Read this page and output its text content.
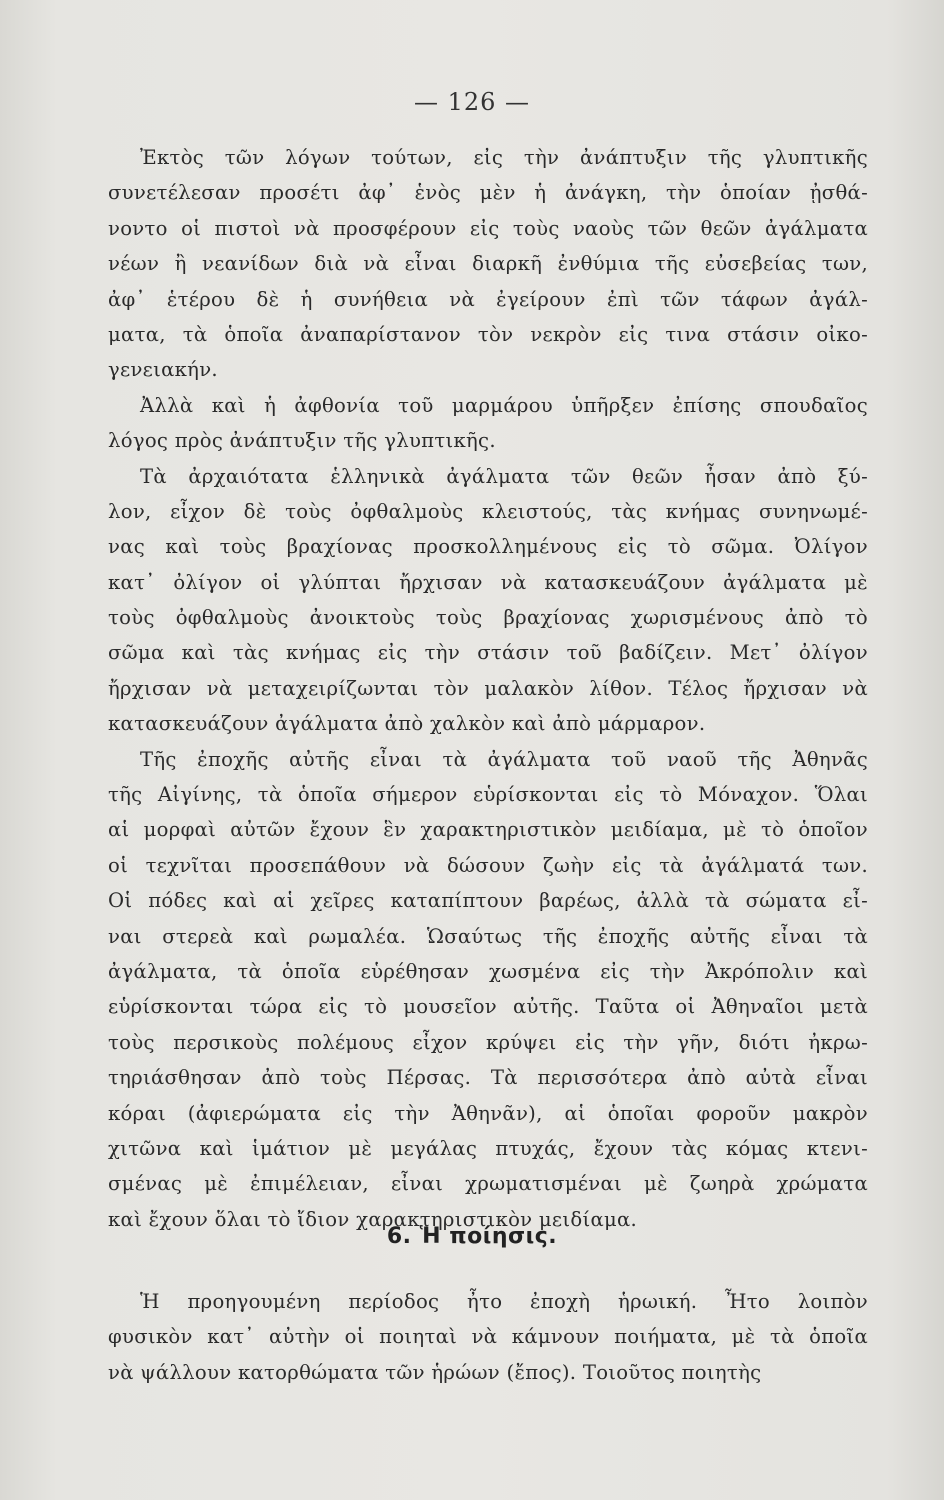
— 126 —
Ἐκτὸς τῶν λόγων τούτων, εἰς τὴν ἀνάπτυξιν τῆς γλυπτικῆς
συνετέλεσαν προσέτι ἀφ᾽ ἑνὸς μὲν ἡ ἀνάγκη, τὴν ὁποίαν ᾐσθά-
νοντο οἱ πιστοὶ νὰ προσφέρουν εἰς τοὺς ναοὺς τῶν θεῶν ἀγάλματα
νέων ἢ νεανίδων διὰ νὰ εἶναι διαρκῆ ἐνθύμια τῆς εὐσεβείας των,
ἀφ᾽ ἑτέρου δὲ ἡ συνήθεια νὰ ἐγείρουν ἐπὶ τῶν τάφων ἀγάλ-
ματα, τὰ ὁποῖα ἀναπαρίστανον τὸν νεκρὸν εἰς τινα στάσιν οἰκο-
γενειακήν.
Ἀλλὰ καὶ ἡ ἀφθονία τοῦ μαρμάρου ὑπῆρξεν ἐπίσης σπουδαῖος
λόγος πρὸς ἀνάπτυξιν τῆς γλυπτικῆς.
Τὰ ἀρχαιότατα ἑλληνικὰ ἀγάλματα τῶν θεῶν ἦσαν ἀπὸ ξύ-
λον, εἶχον δὲ τοὺς ὀφθαλμοὺς κλειστούς, τὰς κνήμας συνηνωμέ-
νας καὶ τοὺς βραχίονας προσκολλημένους εἰς τὸ σῶμα. Ὀλίγον
κατ᾽ ὀλίγον οἱ γλύπται ἤρχισαν νὰ κατασκευάζουν ἀγάλματα μὲ
τοὺς ὀφθαλμοὺς ἀνοικτοὺς τοὺς βραχίονας χωρισμένους ἀπὸ τὸ
σῶμα καὶ τὰς κνήμας εἰς τὴν στάσιν τοῦ βαδίζειν. Μετ᾽ ὀλίγον
ἤρχισαν νὰ μεταχειρίζωνται τὸν μαλακὸν λίθον. Τέλος ἤρχισαν νὰ
κατασκευάζουν ἀγάλματα ἀπὸ χαλκὸν καὶ ἀπὸ μάρμαρον.
Τῆς ἐποχῆς αὐτῆς εἶναι τὰ ἀγάλματα τοῦ ναοῦ τῆς Ἀθηνᾶς
τῆς Αἰγίνης, τὰ ὁποῖα σήμερον εὑρίσκονται εἰς τὸ Μόναχον. Ὅλαι
αἱ μορφαὶ αὐτῶν ἔχουν ἓν χαρακτηριστικὸν μειδίαμα, μὲ τὸ ὁποῖον
οἱ τεχνῖται προσεπάθουν νὰ δώσουν ζωὴν εἰς τὰ ἀγάλματά των.
Οἱ πόδες καὶ αἱ χεῖρες καταπίπτουν βαρέως, ἀλλὰ τὰ σώματα εἶ-
ναι στερεὰ καὶ ρωμαλέα. Ὡσαύτως τῆς ἐποχῆς αὐτῆς εἶναι τὰ
ἀγάλματα, τὰ ὁποῖα εὑρέθησαν χωσμένα εἰς τὴν Ἀκρόπολιν καὶ
εὑρίσκονται τώρα εἰς τὸ μουσεῖον αὐτῆς. Ταῦτα οἱ Ἀθηναῖοι μετὰ
τοὺς περσικοὺς πολέμους εἶχον κρύψει εἰς τὴν γῆν, διότι ἠκρω-
τηριάσθησαν ἀπὸ τοὺς Πέρσας. Τὰ περισσότερα ἀπὸ αὐτὰ εἶναι
κόραι (ἀφιερώματα εἰς τὴν Ἀθηνᾶν), αἱ ὁποῖαι φοροῦν μακρὸν
χιτῶνα καὶ ἱμάτιον μὲ μεγάλας πτυχάς, ἔχουν τὰς κόμας κτενι-
σμένας μὲ ἐπιμέλειαν, εἶναι χρωματισμέναι μὲ ζωηρὰ χρώματα
καὶ ἔχουν ὅλαι τὸ ἴδιον χαρακτηριστικὸν μειδίαμα.
6. Ἡ ποίησις.
Ἡ προηγουμένη περίοδος ἦτο ἐποχὴ ἡρωική. Ἦτο λοιπὸν
φυσικὸν κατ᾽ αὐτὴν οἱ ποιηταὶ νὰ κάμνουν ποιήματα, μὲ τὰ ὁποῖα
νὰ ψάλλουν κατορθώματα τῶν ἡρώων (ἔπος). Τοιοῦτος ποιητὴς
